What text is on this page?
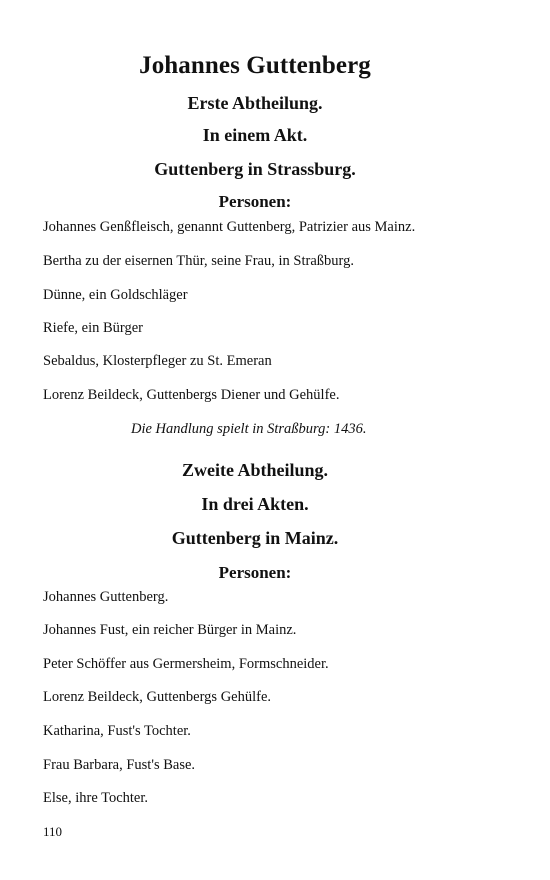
Johannes Guttenberg
Erste Abtheilung.
In einem Akt.
Guttenberg in Strassburg.
Personen:
Johannes Genßfleisch, genannt Guttenberg, Patrizier aus Mainz.
Bertha zu der eisernen Thür, seine Frau, in Straßburg.
Dünne, ein Goldschläger
Riefe, ein Bürger
Sebaldus, Klosterpfleger zu St. Emeran
Lorenz Beildeck, Guttenbergs Diener und Gehülfe.
Die Handlung spielt in Straßburg: 1436.
Zweite Abtheilung.
In drei Akten.
Guttenberg in Mainz.
Personen:
Johannes Guttenberg.
Johannes Fust, ein reicher Bürger in Mainz.
Peter Schöffer aus Germersheim, Formschneider.
Lorenz Beildeck, Guttenbergs Gehülfe.
Katharina, Fust's Tochter.
Frau Barbara, Fust's Base.
Else, ihre Tochter.
110
